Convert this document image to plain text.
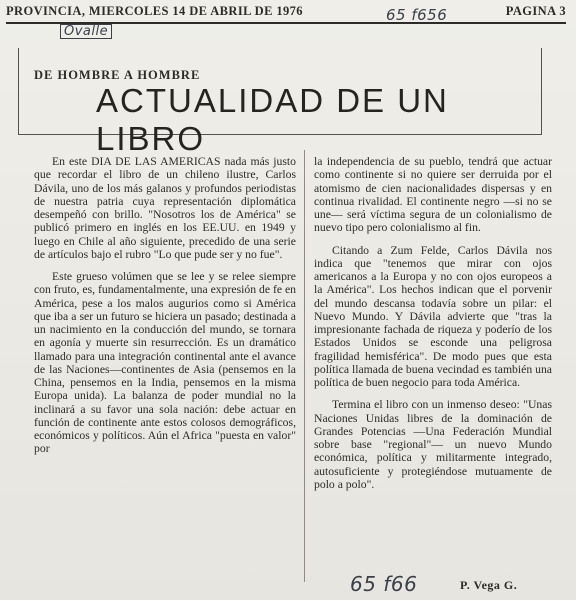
PROVINCIA, MIERCOLES 14 DE ABRIL DE 1976	PAGINA 3
65 f656
Ovalle
DE HOMBRE A HOMBRE
ACTUALIDAD DE UN LIBRO

En este DIA DE LAS AMERICAS nada más justo que recordar el libro de un chileno ilustre, Carlos Dávila, uno de los más galanos y profundos periodistas de nuestra patria cuya representación diplomática desempeñó con brillo. "Nosotros los de América" se publicó primero en inglés en los EE.UU. en 1949 y luego en Chile al año siguiente, precedido de una serie de artículos bajo el rubro "Lo que pude ser y no fue".

Este grueso volúmen que se lee y se relee siempre con fruto, es, fundamentalmente, una expresión de fe en América, pese a los malos augurios como si América que iba a ser un futuro se hiciera un pasado; destinada a un nacimiento en la conducción del mundo, se tornara en agonía y muerte sin resurrección. Es un dramático llamado para una integración continental ante el avance de las Naciones—continentes de Asia (pensemos en la China, pensemos en la India, pensemos en la misma Europa unida). La balanza de poder mundial no la inclinará a su favor una sola nación: debe actuar en función de continente ante estos colosos demográficos, económicos y políticos. Aún el Africa "puesta en valor" por

la independencia de su pueblo, tendrá que actuar como continente si no quiere ser derruida por el atomismo de cien nacionalidades dispersas y en continua rivalidad. El continente negro —si no se une— será víctima segura de un colonialismo de nuevo tipo pero colonialismo al fin.

Citando a Zum Felde, Carlos Dávila nos indica que "tenemos que mirar con ojos americanos a la Europa y no con ojos europeos a la América". Los hechos indican que el porvenir del mundo descansa todavía sobre un pilar: el Nuevo Mundo. Y Dávila advierte que "tras la impresionante fachada de riqueza y poderío de los Estados Unidos se esconde una peligrosa fragilidad hemisférica". De modo pues que esta política llamada de buena vecindad es también una política de buen negocio para toda América.

Termina el libro con un inmenso deseo: "Unas Naciones Unidas libres de la dominación de Grandes Potencias —Una Federación Mundial sobre base "regional"— un nuevo Mundo económica, política y militarmente integrado, autosuficiente y protegiéndose mutuamente de polo a polo".

65 f66	P. Vega G.
